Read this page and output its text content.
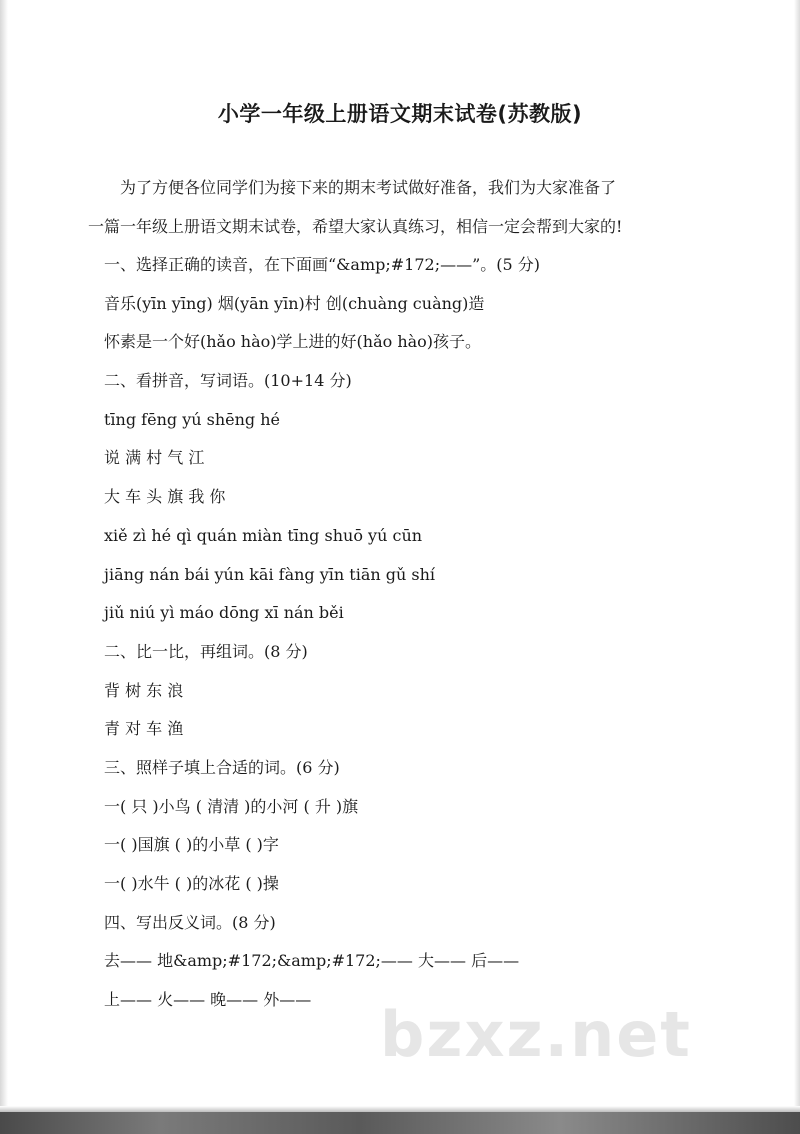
小学一年级上册语文期末试卷(苏教版)

为了方便各位同学们为接下来的期末考试做好准备，我们为大家准备了

一篇一年级上册语文期末试卷，希望大家认真练习，相信一定会帮到大家的!

一、选择正确的读音，在下面画“&amp;#172;——”。(5 分)
音乐(yīn yīng) 烟(yān yīn)村 创(chuàng cuàng)造
怀素是一个好(hǎo hào)学上进的好(hǎo hào)孩子。
二、看拼音，写词语。(10+14 分)
tīng fēng yú shēng hé
说 满 村 气 江
大 车 头 旗 我 你
xiě zì hé qì quán miàn tīng shuō yú cūn
jiāng nán bái yún kāi fàng yīn tiān gǔ shí
jiǔ niú yì máo dōng xī nán běi
二、比一比，再组词。(8 分)
背 树 东 浪
青 对 车 渔
三、照样子填上合适的词。(6 分)
一( 只 )小鸟 ( 清清 )的小河 ( 升 )旗
一( )国旗 ( )的小草 ( )字
一( )水牛 ( )的冰花 ( )操
四、写出反义词。(8 分)
去—— 地&amp;#172;&amp;#172;—— 大—— 后——
上—— 火—— 晚—— 外——	bzxz.net
